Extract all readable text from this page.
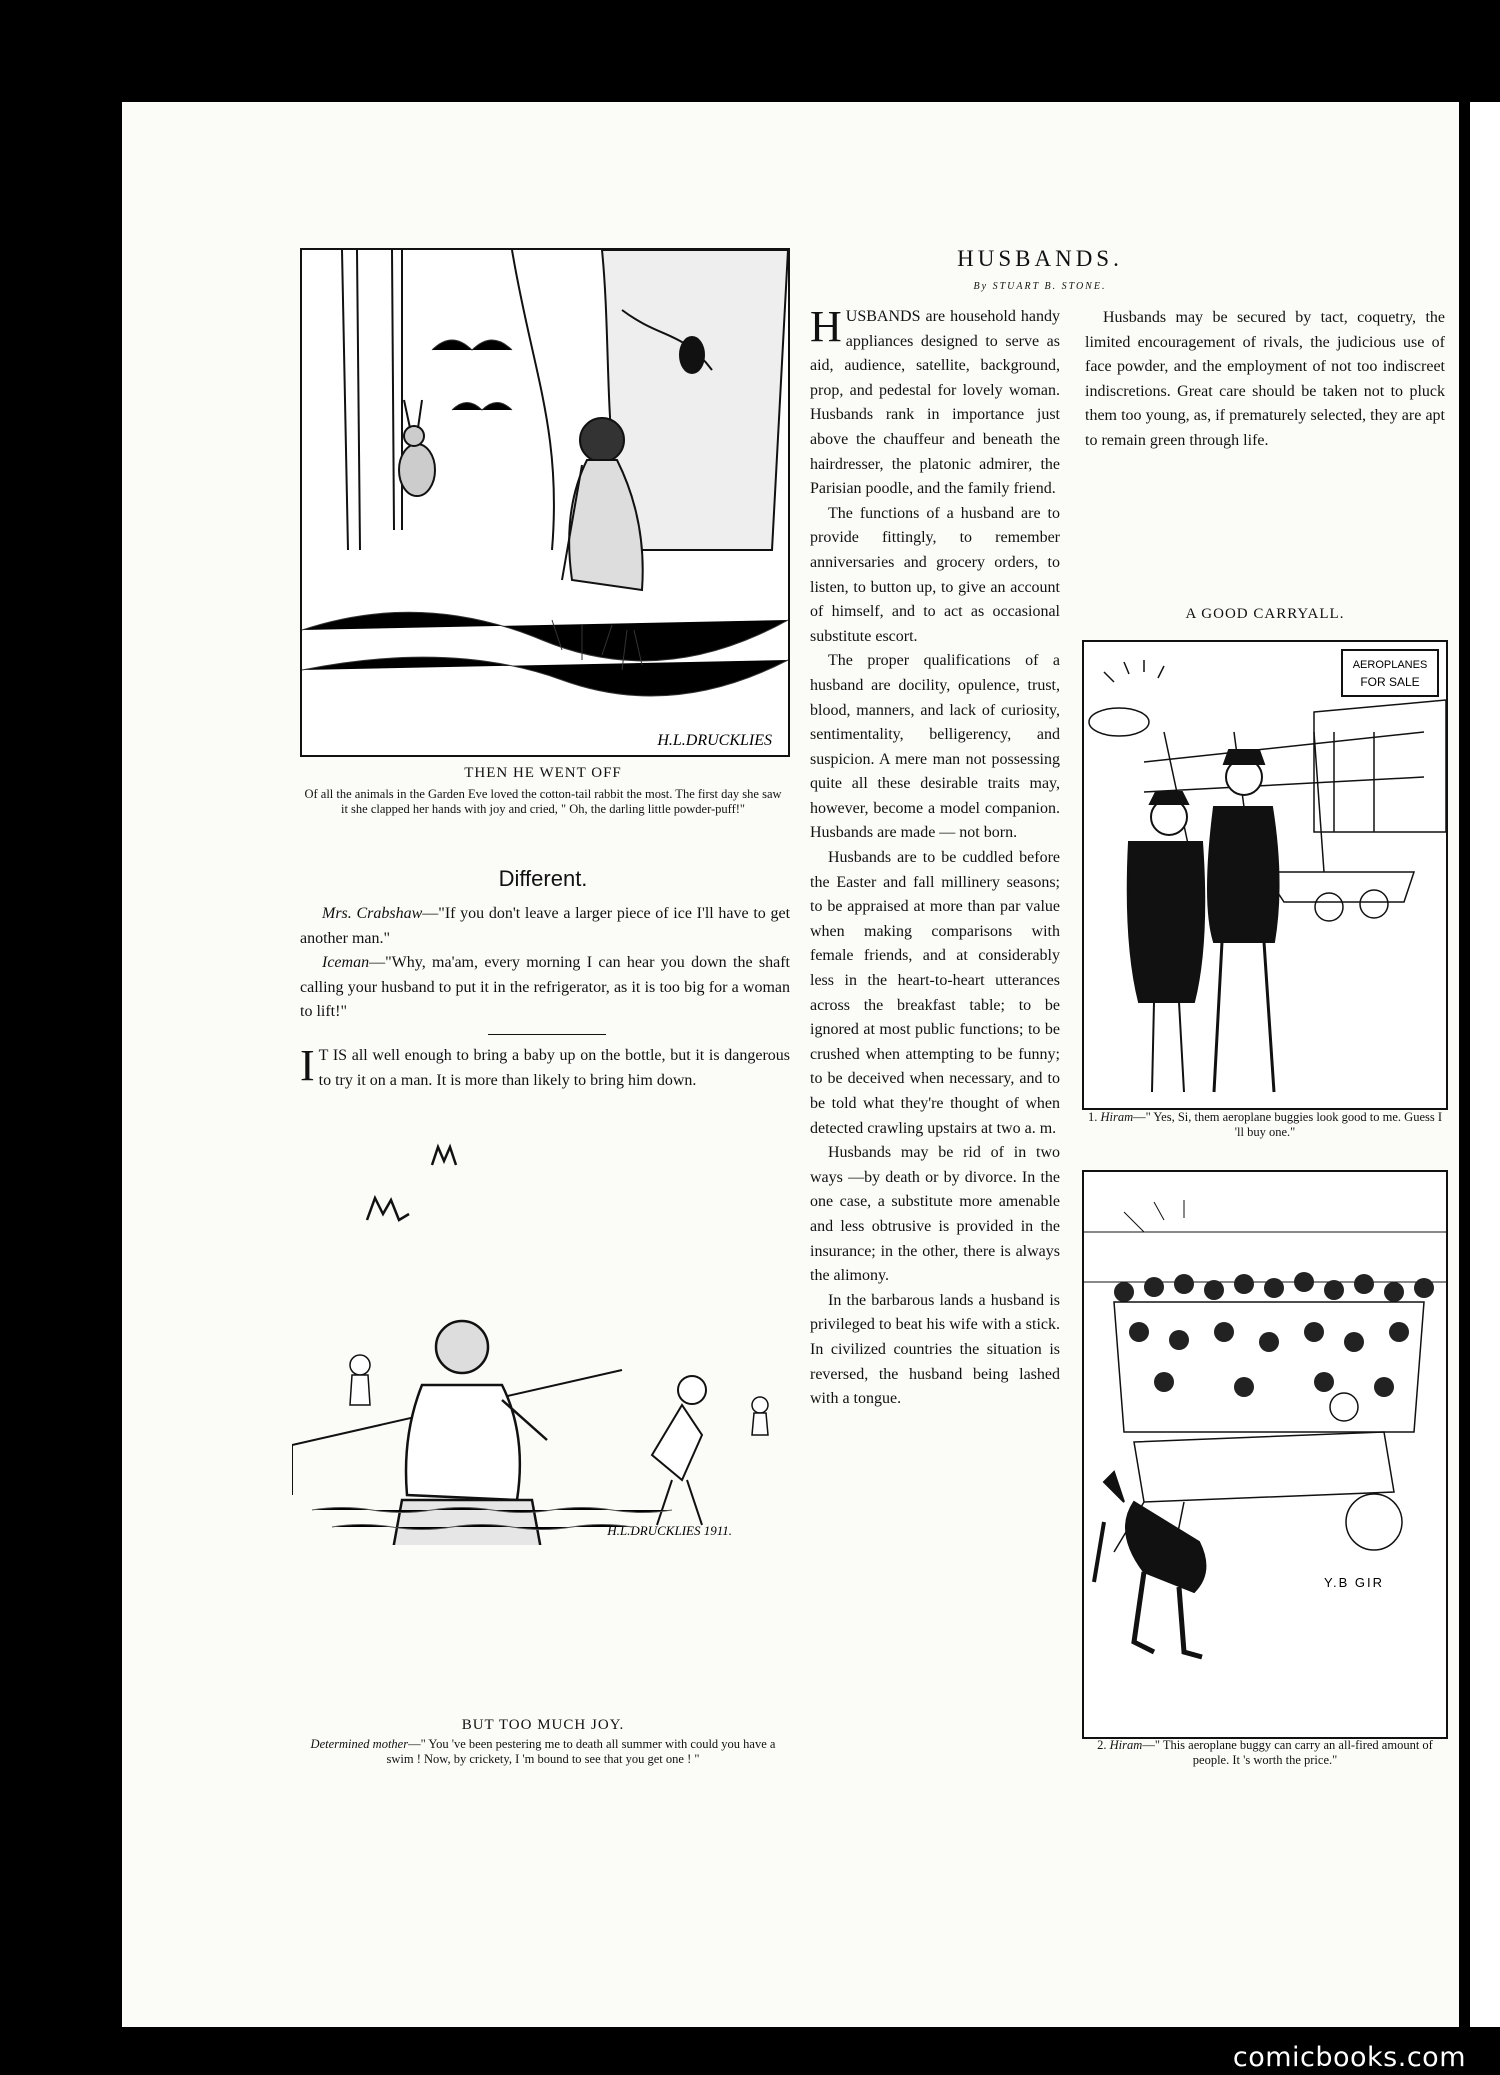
H.L.DRUCKLIES
THEN HE WENT OFF
Of all the animals in the Garden Eve loved the cotton-tail rabbit the most. The first day she saw it she clapped her hands with joy and cried, " Oh, the darling little powder-puff!"
Different.

Mrs. Crabshaw—"If you don't leave a larger piece of ice I'll have to get another man."

Iceman—"Why, ma'am, every morning I can hear you down the shaft calling your husband to put it in the refrigerator, as it is too big for a woman to lift!"

I T IS all well enough to bring a baby up on the bottle, but it is dangerous to try it on a man. It is more than likely to bring him down.

H.L.DRUCKLIES 1911.
BUT TOO MUCH JOY.
Determined mother—" You 've been pestering me to death all summer with could you have a swim ! Now, by crickety, I 'm bound to see that you get one ! "
HUSBANDS.
By STUART B. STONE.

HUSBANDS are household handy appliances designed to serve as aid, audience, satellite, background, prop, and pedestal for lovely woman. Husbands rank in importance just above the chauffeur and beneath the hairdresser, the platonic admirer, the Parisian poodle, and the family friend.

The functions of a husband are to provide fittingly, to remember anniversaries and grocery orders, to listen, to button up, to give an account of himself, and to act as occasional substitute escort.

The proper qualifications of a husband are docility, opulence, trust, blood, manners, and lack of curiosity, sentimentality, belligerency, and suspicion. A mere man not possessing quite all these desirable traits may, however, become a model companion. Husbands are made — not born.

Husbands are to be cuddled before the Easter and fall millinery seasons; to be appraised at more than par value when making comparisons with female friends, and at considerably less in the heart-to-heart utterances across the breakfast table; to be ignored at most public functions; to be crushed when attempting to be funny; to be deceived when necessary, and to be told what they're thought of when detected crawling upstairs at two a. m.

Husbands may be rid of in two ways —by death or by divorce. In the one case, a substitute more amenable and less obtrusive is provided in the insurance; in the other, there is always the alimony.

In the barbarous lands a husband is privileged to beat his wife with a stick. In civilized countries the situation is reversed, the husband being lashed with a tongue.

Husbands may be secured by tact, coquetry, the limited encouragement of rivals, the judicious use of face powder, and the employment of not too indiscreet indiscretions. Great care should be taken not to pluck them too young, as, if prematurely selected, they are apt to remain green through life.

A GOOD CARRYALL.
AEROPLANES
FOR SALE
1. Hiram—" Yes, Si, them aeroplane buggies look good to me. Guess I 'll buy one."
Y.B GIR
2. Hiram—" This aeroplane buggy can carry an all-fired amount of people. It 's worth the price."
comicbooks.com
